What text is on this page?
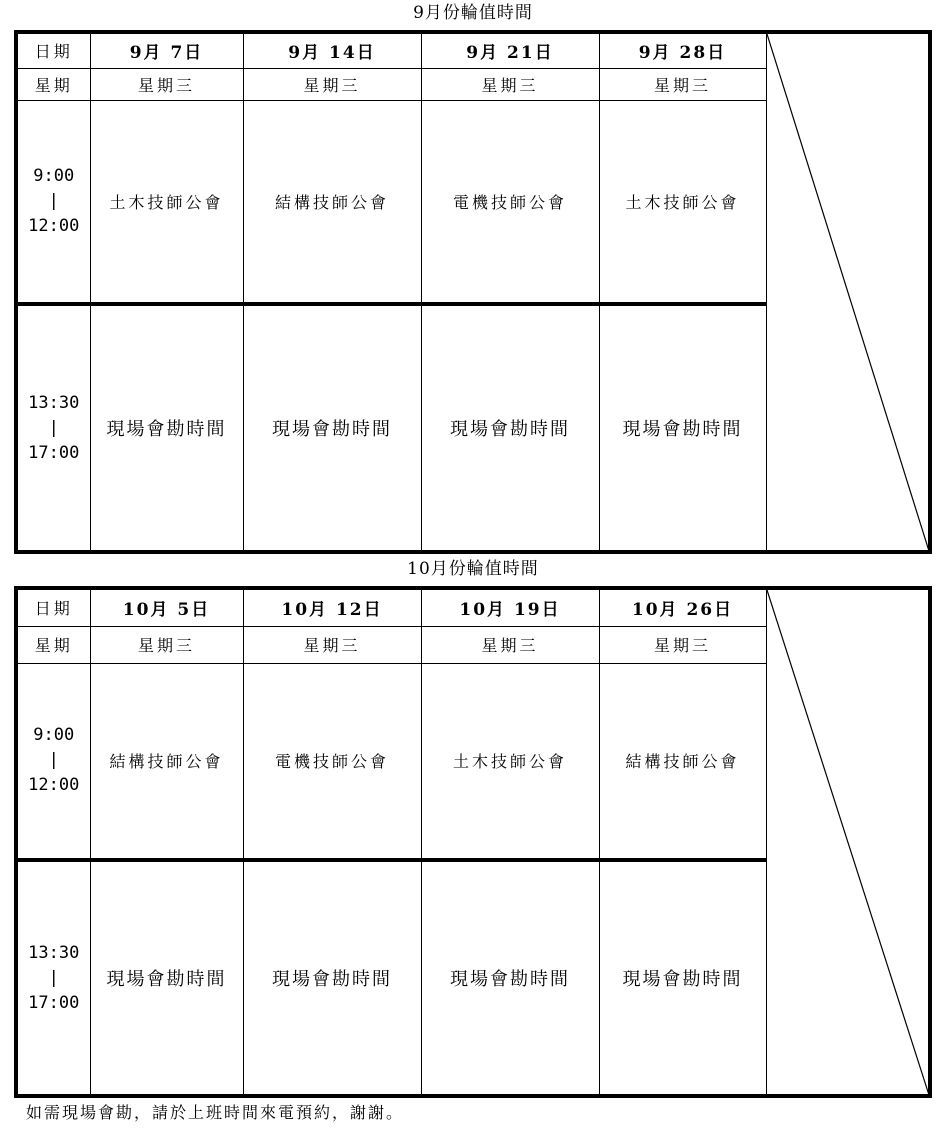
9月份輪值時間
日期	9月 7日	9月 14日	9月 21日	9月 28日	

星期	星期三	星期三	星期三	星期三	

9:00
|
12:00	土木技師公會	結構技師公會	電機技師公會	土木技師公會	

13:30
|
17:00	現場會勘時間	現場會勘時間	現場會勘時間	現場會勘時間	
10月份輪值時間
日期	10月 5日	10月 12日	10月 19日	10月 26日	

星期	星期三	星期三	星期三	星期三	

9:00
|
12:00	結構技師公會	電機技師公會	土木技師公會	結構技師公會	

13:30
|
17:00	現場會勘時間	現場會勘時間	現場會勘時間	現場會勘時間	
如需現場會勘，請於上班時間來電預約，謝謝。
